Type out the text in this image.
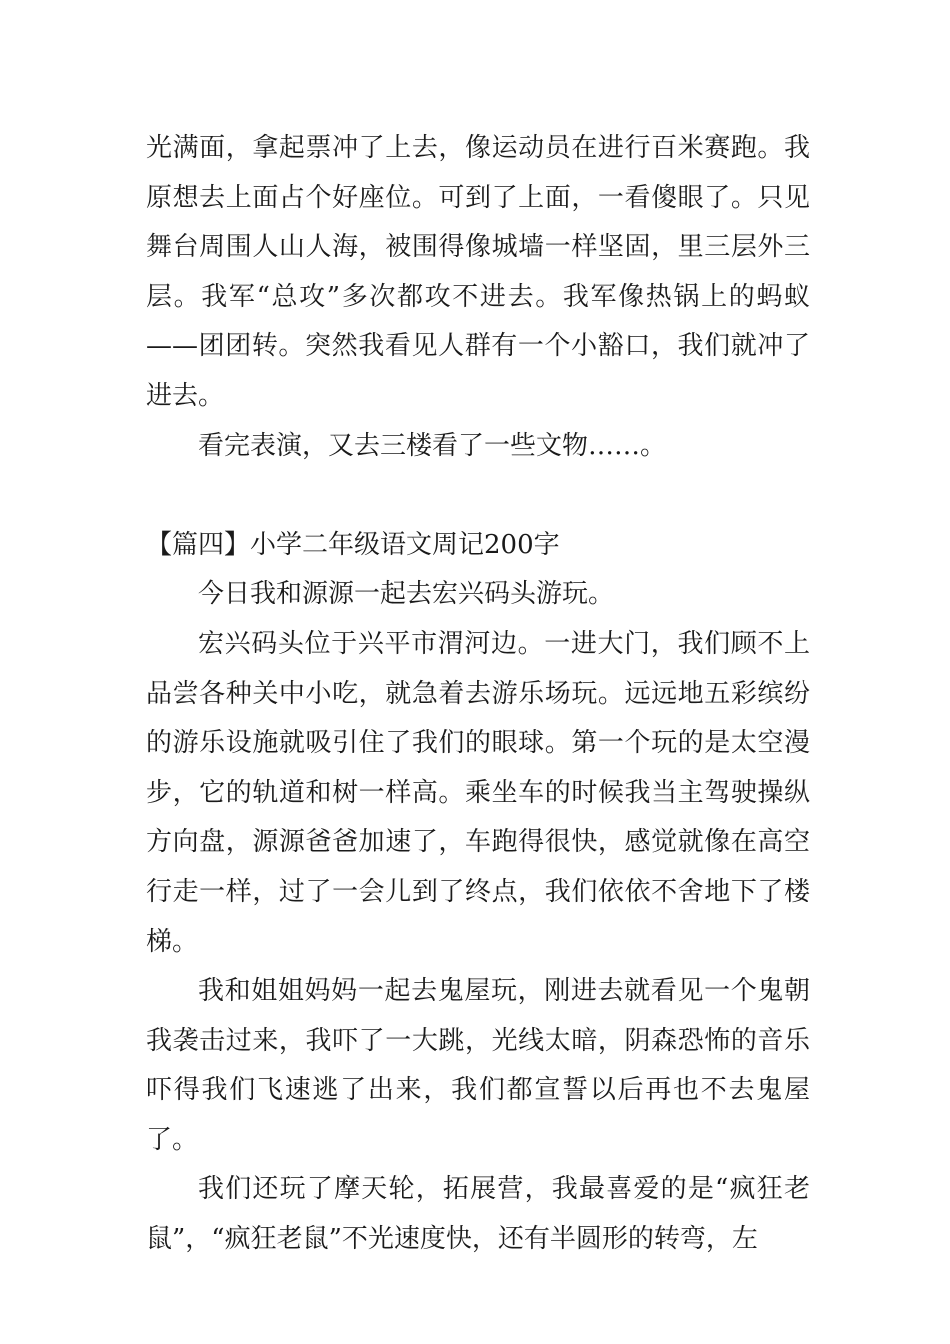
光满面，拿起票冲了上去，像运动员在进行百米赛跑。我原想去上面占个好座位。可到了上面，一看傻眼了。只见舞台周围人山人海，被围得像城墙一样坚固，里三层外三层。我军“总攻”多次都攻不进去。我军像热锅上的蚂蚁——团团转。突然我看见人群有一个小豁口，我们就冲了进去。

看完表演，又去三楼看了一些文物……。

【篇四】小学二年级语文周记200字

今日我和源源一起去宏兴码头游玩。

宏兴码头位于兴平市渭河边。一进大门，我们顾不上品尝各种关中小吃，就急着去游乐场玩。远远地五彩缤纷的游乐设施就吸引住了我们的眼球。第一个玩的是太空漫步，它的轨道和树一样高。乘坐车的时候我当主驾驶操纵方向盘，源源爸爸加速了，车跑得很快，感觉就像在高空行走一样，过了一会儿到了终点，我们依依不舍地下了楼梯。

我和姐姐妈妈一起去鬼屋玩，刚进去就看见一个鬼朝我袭击过来，我吓了一大跳，光线太暗，阴森恐怖的音乐吓得我们飞速逃了出来，我们都宣誓以后再也不去鬼屋了。

我们还玩了摩天轮，拓展营，我最喜爱的是“疯狂老鼠”，“疯狂老鼠”不光速度快，还有半圆形的转弯，左
